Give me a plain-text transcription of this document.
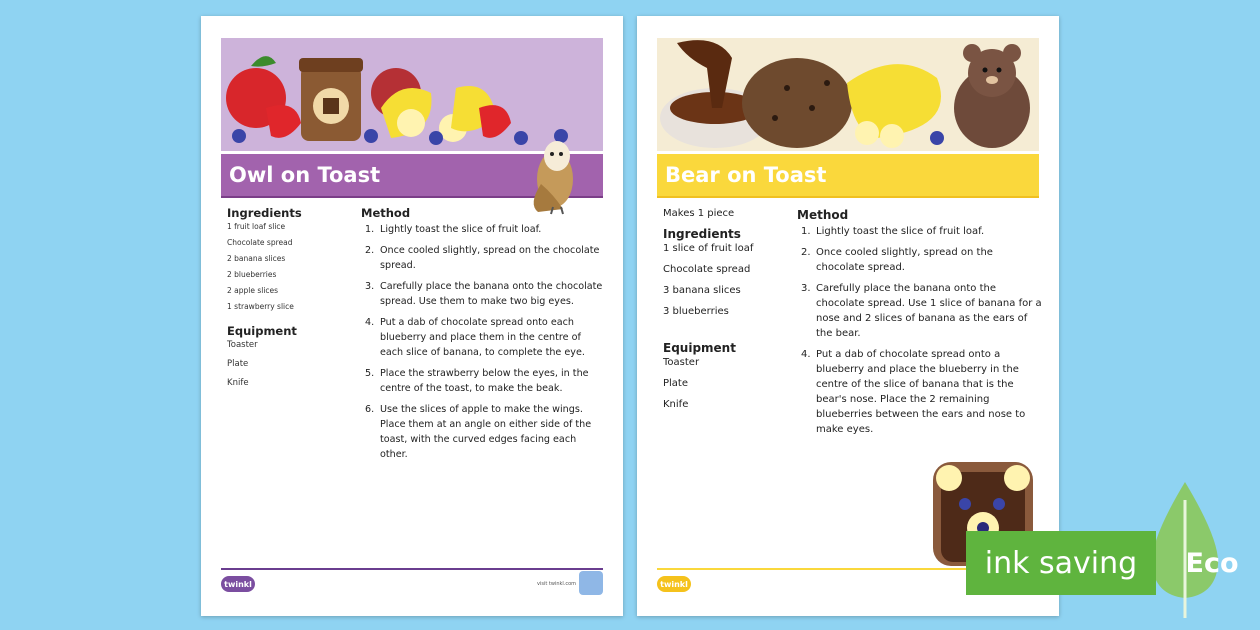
Owl on Toast
Ingredients
1 fruit loaf slice
Chocolate spread
2 banana slices
2 blueberries
2 apple slices
1 strawberry slice
Equipment
Toaster
Plate
Knife
Method
1. Lightly toast the slice of fruit loaf.
2. Once cooled slightly, spread on the chocolate spread.
3. Carefully place the banana onto the chocolate spread. Use them to make two big eyes.
4. Put a dab of chocolate spread onto each blueberry and place them in the centre of each slice of banana, to complete the eye.
5. Place the strawberry below the eyes, in the centre of the toast, to make the beak.
6. Use the slices of apple to make the wings. Place them at an angle on either side of the toast, with the curved edges facing each other.
twinkl	visit twinkl.com
Bear on Toast
Makes 1 piece
Ingredients
1 slice of fruit loaf
Chocolate spread
3 banana slices
3 blueberries
Equipment
Toaster
Plate
Knife
Method
1. Lightly toast the slice of fruit loaf.
2. Once cooled slightly, spread on the chocolate spread.
3. Carefully place the banana onto the chocolate spread. Use 1 slice of banana for a nose and 2 slices of banana as the ears of the bear.
4. Put a dab of chocolate spread onto a blueberry and place the blueberry in the centre of the slice of banana that is the bear's nose. Place the 2 remaining blueberries between the ears and nose to make eyes.
twinkl
ink saving	Eco
